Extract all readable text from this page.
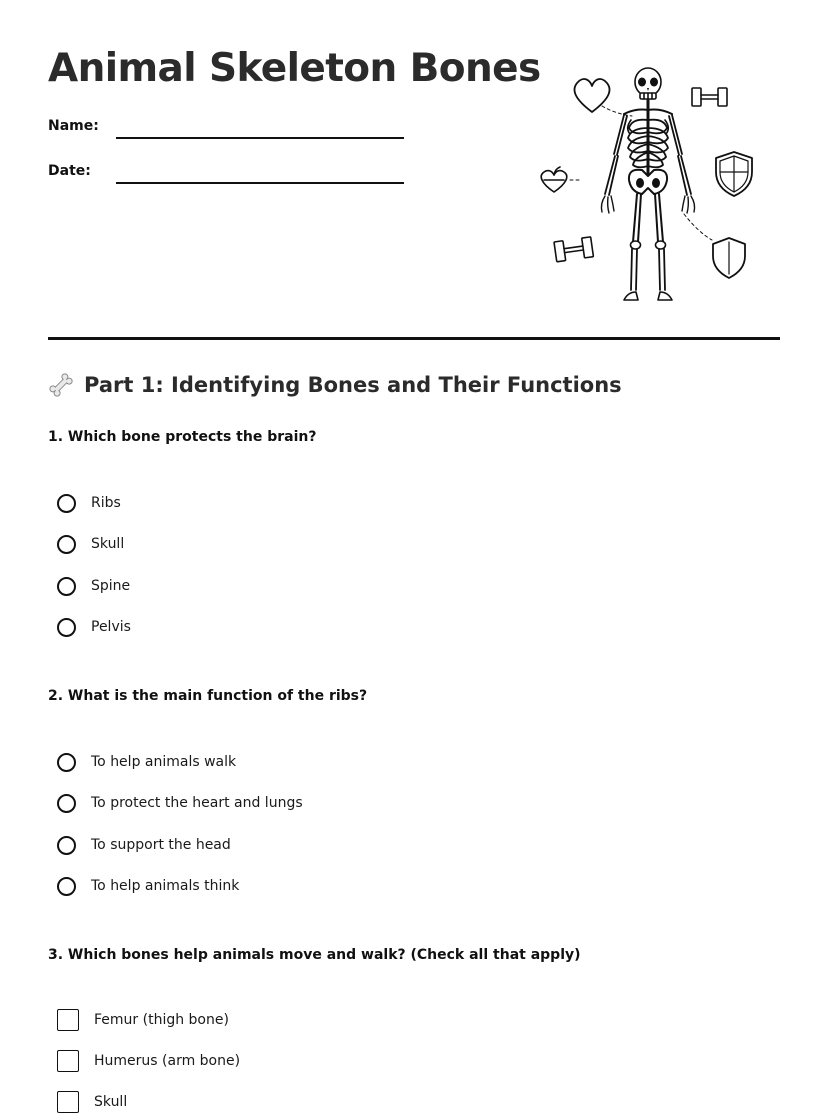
Animal Skeleton Bones
Name:
Date:
Part 1: Identifying Bones and Their Functions

1. Which bone protects the brain?

Ribs
Skull
Spine
Pelvis

2. What is the main function of the ribs?

To help animals walk
To protect the heart and lungs
To support the head
To help animals think

3. Which bones help animals move and walk? (Check all that apply)

Femur (thigh bone)
Humerus (arm bone)
Skull
